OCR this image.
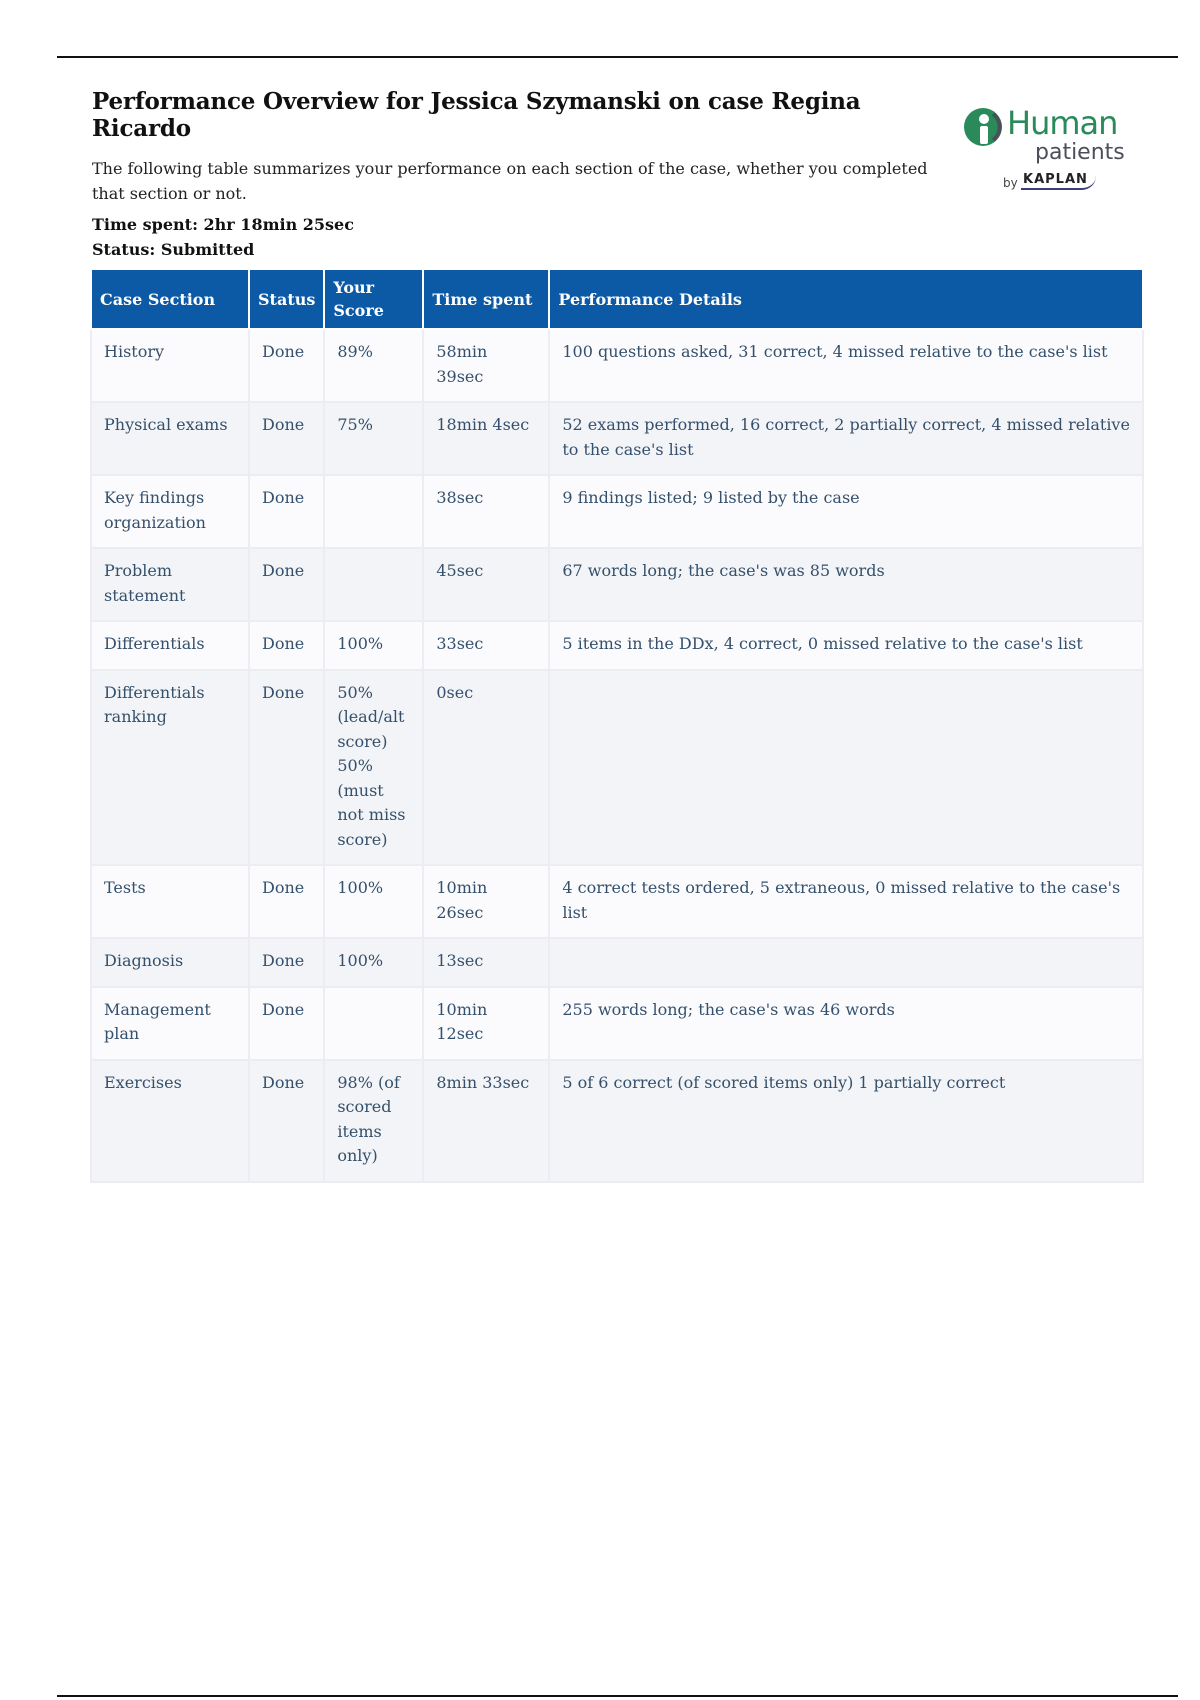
Performance Overview for Jessica Szymanski on case Regina Ricardo

The following table summarizes your performance on each section of the case, whether you completed that section or not.

Time spent: 2hr 18min 25sec
Status: Submitted
Human
patients
by KAPLAN
Case Section	Status	Your Score	Time spent	Performance Details
History	Done	89%	58min 39sec	100 questions asked, 31 correct, 4 missed relative to the case's list
Physical exams	Done	75%	18min 4sec	52 exams performed, 16 correct, 2 partially correct, 4 missed relative to the case's list
Key findings organization	Done		38sec	9 findings listed; 9 listed by the case
Problem statement	Done		45sec	67 words long; the case's was 85 words
Differentials	Done	100%	33sec	5 items in the DDx, 4 correct, 0 missed relative to the case's list
Differentials ranking	Done	50% (lead/alt score) 50% (must not miss score)	0sec	
Tests	Done	100%	10min 26sec	4 correct tests ordered, 5 extraneous, 0 missed relative to the case's list
Diagnosis	Done	100%	13sec	
Management plan	Done		10min 12sec	255 words long; the case's was 46 words
Exercises	Done	98% (of scored items only)	8min 33sec	5 of 6 correct (of scored items only) 1 partially correct
